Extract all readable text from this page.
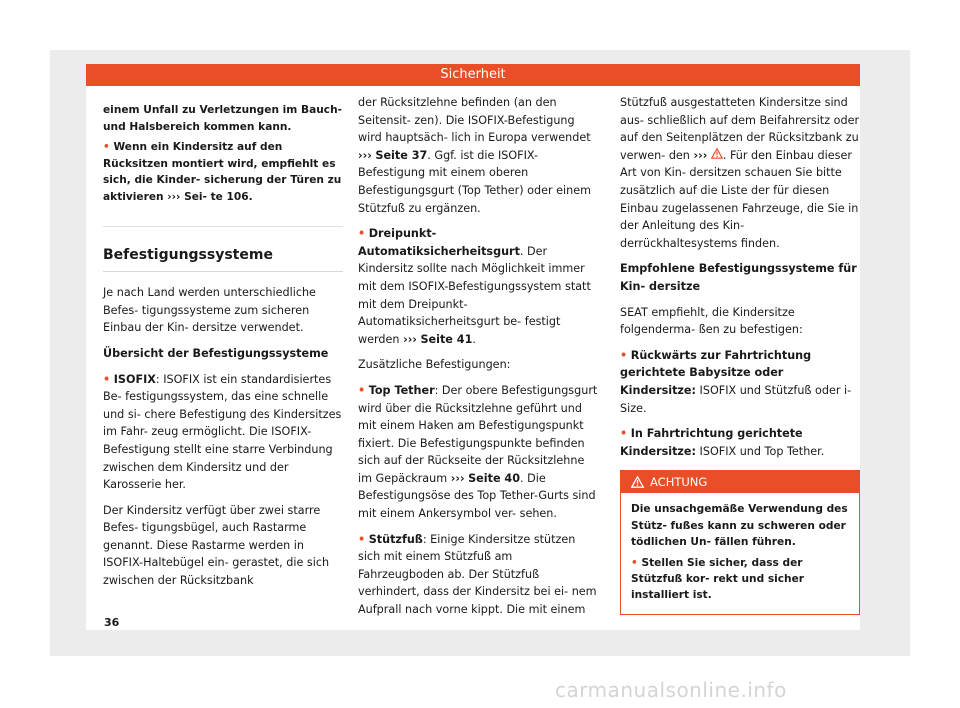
Sicherheit

einem Unfall zu Verletzungen im Bauch- und Halsbereich kommen kann.

• Wenn ein Kindersitz auf den Rücksitzen montiert wird, empfiehlt es sich, die Kinder- sicherung der Türen zu aktivieren ››› Sei- te 106.

Befestigungssysteme

Je nach Land werden unterschiedliche Befes- tigungssysteme zum sicheren Einbau der Kin- dersitze verwendet.

Übersicht der Befestigungssysteme

• ISOFIX: ISOFIX ist ein standardisiertes Be- festigungssystem, das eine schnelle und si- chere Befestigung des Kindersitzes im Fahr- zeug ermöglicht. Die ISOFIX-Befestigung stellt eine starre Verbindung zwischen dem Kindersitz und der Karosserie her.

Der Kindersitz verfügt über zwei starre Befes- tigungsbügel, auch Rastarme genannt. Diese Rastarme werden in ISOFIX-Haltebügel ein- gerastet, die sich zwischen der Rücksitzbank

der Rücksitzlehne befinden (an den Seitensit- zen). Die ISOFIX-Befestigung wird hauptsäch- lich in Europa verwendet ››› Seite 37. Ggf. ist die ISOFIX-Befestigung mit einem oberen Befestigungsgurt (Top Tether) oder einem Stützfuß zu ergänzen.

• Dreipunkt-Automatiksicherheitsgurt. Der Kindersitz sollte nach Möglichkeit immer mit dem ISOFIX-Befestigungssystem statt mit dem Dreipunkt-Automatiksicherheitsgurt be- festigt werden ››› Seite 41.

Zusätzliche Befestigungen:

• Top Tether: Der obere Befestigungsgurt wird über die Rücksitzlehne geführt und mit einem Haken am Befestigungspunkt fixiert. Die Befestigungspunkte befinden sich auf der Rückseite der Rücksitzlehne im Gepäckraum ››› Seite 40. Die Befestigungsöse des Top Tether-Gurts sind mit einem Ankersymbol ver- sehen.

• Stützfuß: Einige Kindersitze stützen sich mit einem Stützfuß am Fahrzeugboden ab. Der Stützfuß verhindert, dass der Kindersitz bei ei- nem Aufprall nach vorne kippt. Die mit einem

Stützfuß ausgestatteten Kindersitze sind aus- schließlich auf dem Beifahrersitz oder auf den Seitenplätzen der Rücksitzbank zu verwen- den ››› . Für den Einbau dieser Art von Kin- dersitzen schauen Sie bitte zusätzlich auf die Liste der für diesen Einbau zugelassenen Fahrzeuge, die Sie in der Anleitung des Kin- derrückhaltesystems finden.

Empfohlene Befestigungssysteme für Kin- dersitze

SEAT empfiehlt, die Kindersitze folgenderma- ßen zu befestigen:

• Rückwärts zur Fahrtrichtung gerichtete Babysitze oder Kindersitze: ISOFIX und Stützfuß oder i-Size.

• In Fahrtrichtung gerichtete Kindersitze: ISOFIX und Top Tether.

ACHTUNG

Die unsachgemäße Verwendung des Stütz- fußes kann zu schweren oder tödlichen Un- fällen führen.

• Stellen Sie sicher, dass der Stützfuß kor- rekt und sicher installiert ist.

36
carmanualsonline.info
